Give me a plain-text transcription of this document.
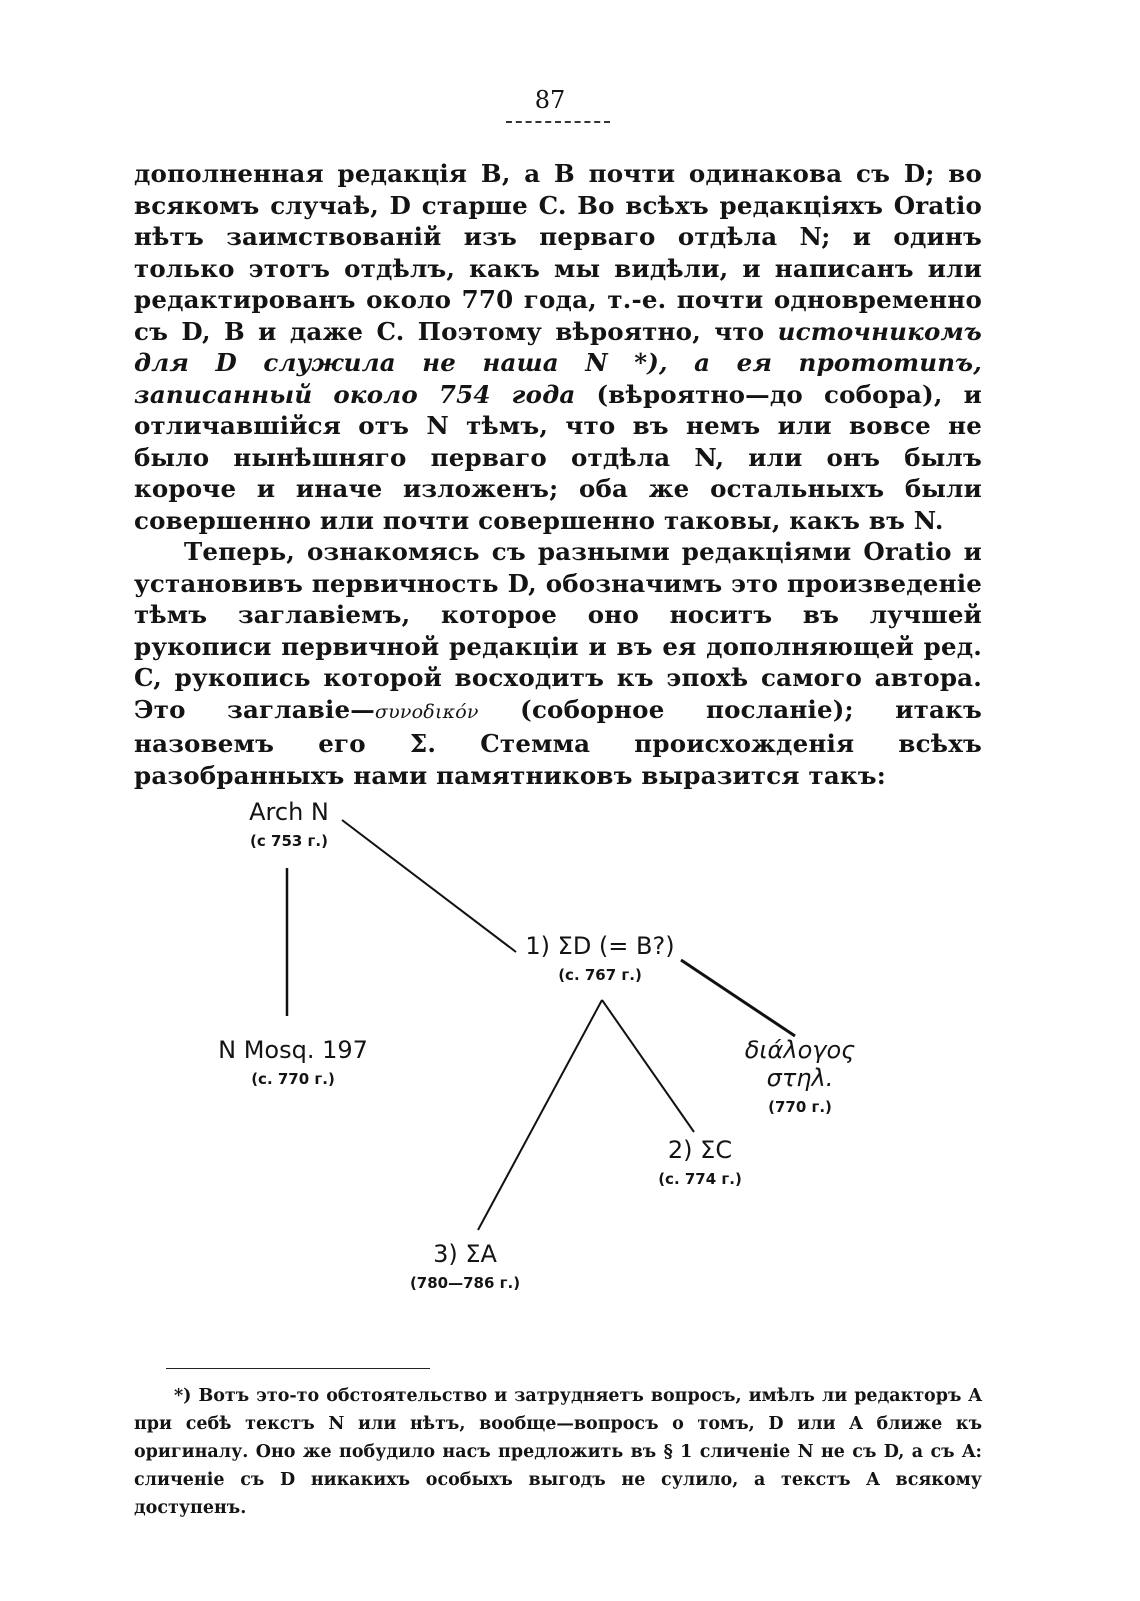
87

дополненная редакція B, а B почти одинакова съ D; во всякомъ случаѣ, D старше C. Во всѣхъ редакціяхъ Oratio нѣтъ заимствованій изъ перваго отдѣла N; и одинъ только этотъ отдѣлъ, какъ мы видѣли, и написанъ или редактированъ около 770 года, т.-е. почти одновременно съ D, B и даже C. Поэтому вѣроятно, что источникомъ для D служила не наша N *), а ея прототипъ, записанный около 754 года (вѣроятно—до собора), и отличавшійся отъ N тѣмъ, что въ немъ или вовсе не было нынѣшняго перваго отдѣла N, или онъ былъ короче и иначе изложенъ; оба же остальныхъ были совершенно или почти совершенно таковы, какъ въ N.

Теперь, ознакомясь съ разными редакціями Oratio и установивъ первичность D, обозначимъ это произведеніе тѣмъ заглавіемъ, которое оно носитъ въ лучшей рукописи первичной редакціи и въ ея дополняющей ред. C, рукопись которой восходитъ къ эпохѣ самого автора. Это заглавіе—συνοδικόν (соборное посланіе); итакъ назовемъ его Σ. Стемма происхожденія всѣхъ разобранныхъ нами памятниковъ выразится такъ:

Arch N
(c 753 г.)
1) ΣD (= B?)
(c. 767 г.)
N Mosq. 197
(c. 770 г.)
διάλογος στηλ.
(770 г.)
2) ΣC
(c. 774 г.)
3) ΣA
(780—786 г.)
*) Вотъ это-то обстоятельство и затрудняетъ вопросъ, имѣлъ ли редакторъ A при себѣ текстъ N или нѣтъ, вообще—вопросъ о томъ, D или A ближе къ оригиналу. Оно же побудило насъ предложить въ § 1 сличеніе N не съ D, а съ A: сличеніе съ D никакихъ особыхъ выгодъ не сулило, а текстъ A всякому доступенъ.
